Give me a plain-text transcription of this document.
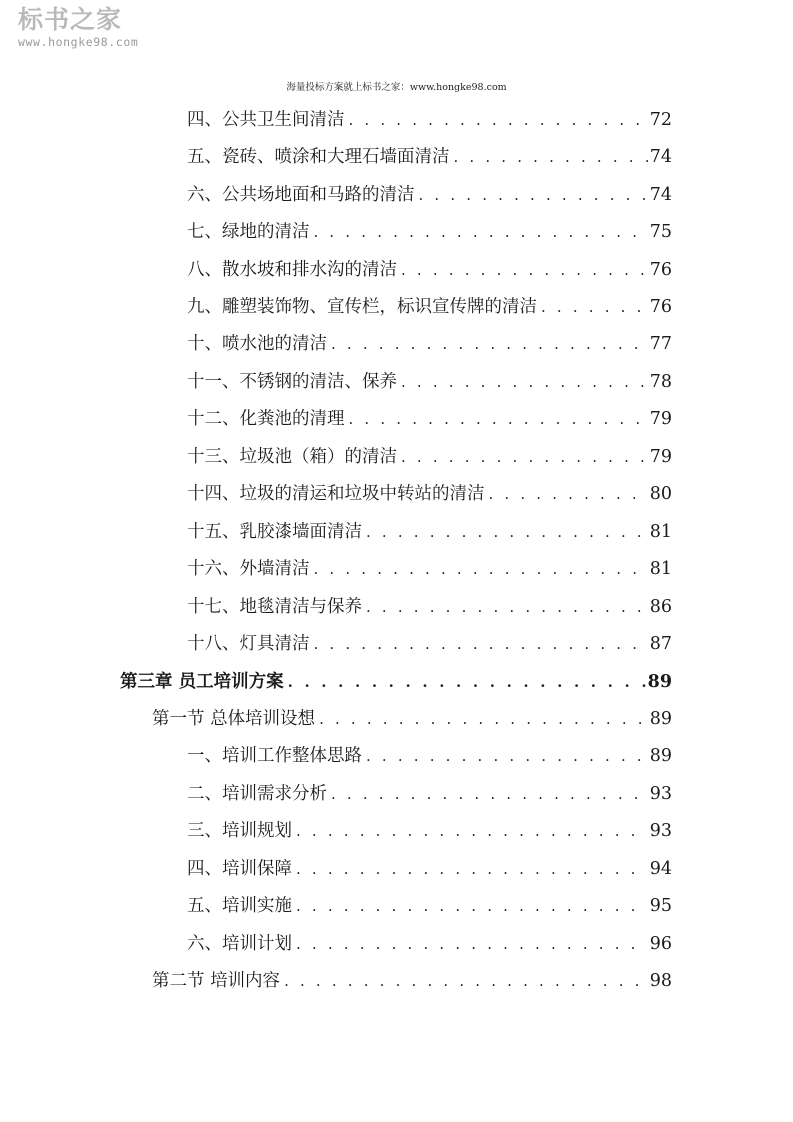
标书之家
www.hongke98.com
海量投标方案就上标书之家：www.hongke98.com
四、公共卫生间清洁 . . .	72
五、瓷砖、喷涂和大理石墙面清洁 . . .	74
六、公共场地面和马路的清洁 . . .	74
七、绿地的清洁 . . .	75
八、散水坡和排水沟的清洁 . . .	76
九、雕塑装饰物、宣传栏，标识宣传牌的清洁 . . .	76
十、喷水池的清洁 . . .	77
十一、不锈钢的清洁、保养 . . .	78
十二、化粪池的清理 . . .	79
十三、垃圾池（箱）的清洁 . . .	79
十四、垃圾的清运和垃圾中转站的清洁 . . .	80
十五、乳胶漆墙面清洁 . . .	81
十六、外墙清洁 . . .	81
十七、地毯清洁与保养 . . .	86
十八、灯具清洁 . . .	87
第三章 员工培训方案 . . .	89
第一节 总体培训设想 . . .	89
一、培训工作整体思路 . . .	89
二、培训需求分析 . . .	93
三、培训规划 . . .	93
四、培训保障 . . .	94
五、培训实施 . . .	95
六、培训计划 . . .	96
第二节 培训内容 . . .	98
